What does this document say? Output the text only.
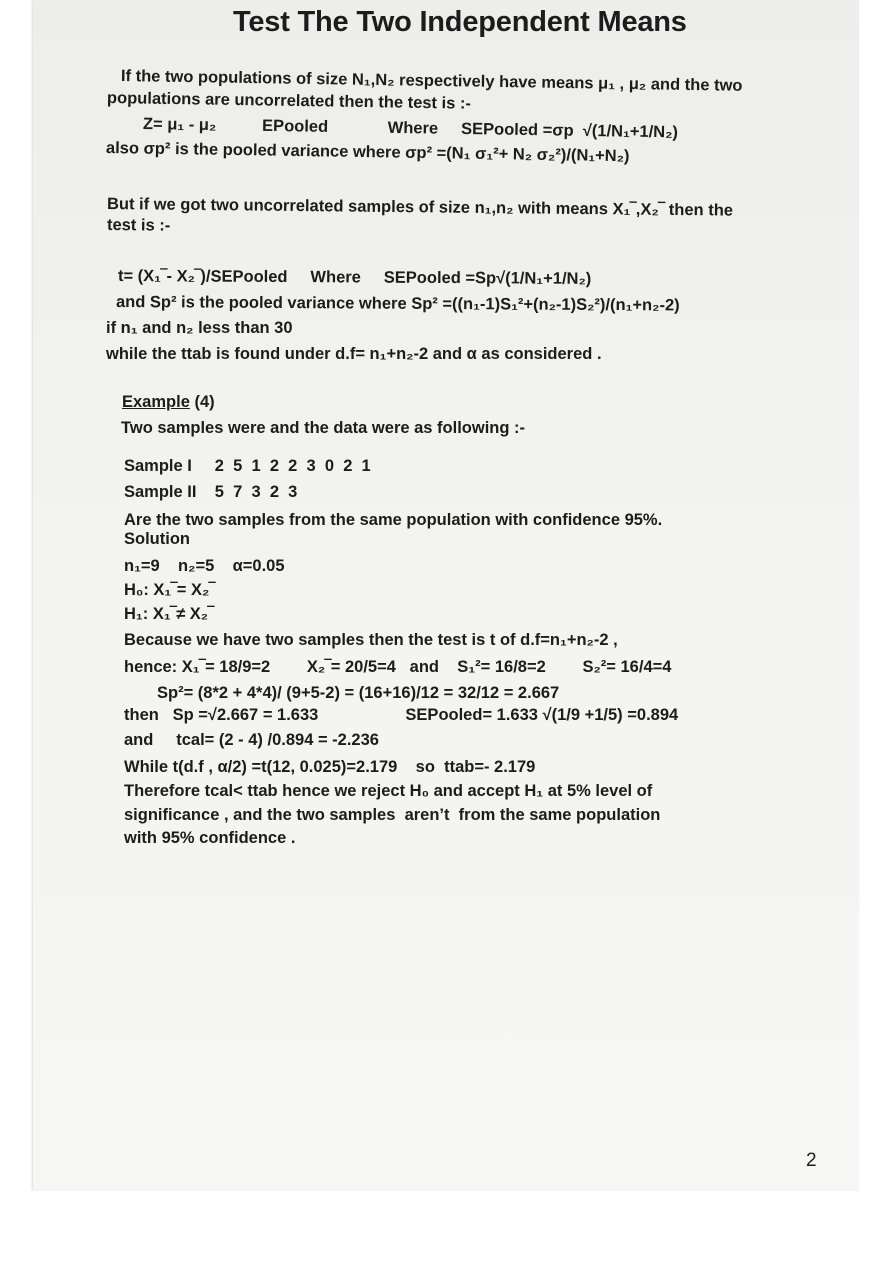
Test The Two Independent Means
If the two populations of size N₁,N₂ respectively have means μ₁ , μ₂ and the two
populations are uncorrelated then the test is :-
Z= μ₁ - μ₂          EPooled             Where     SEPooled =σp  √(1/N₁+1/N₂)
also σp² is the pooled variance where σp² =(N₁ σ₁²+ N₂ σ₂²)/(N₁+N₂)
But if we got two uncorrelated samples of size n₁,n₂ with means X₁‾,X₂‾ then the
test is :-
t= (X₁‾- X₂‾)/SEPooled     Where     SEPooled =Sp√(1/N₁+1/N₂)
and Sp² is the pooled variance where Sp² =((n₁-1)S₁²+(n₂-1)S₂²)/(n₁+n₂-2)
if n₁ and n₂ less than 30
while the ttab is found under d.f= n₁+n₂-2 and α as considered .
Example (4)
Two samples were and the data were as following :-
Sample I     2  5  1  2  2  3  0  2  1
Sample II    5  7  3  2  3
Are the two samples from the same population with confidence 95%.
Solution
n₁=9    n₂=5    α=0.05
H₀: X₁‾= X₂‾
H₁: X₁‾≠ X₂‾
Because we have two samples then the test is t of d.f=n₁+n₂-2 ,
hence: X₁‾= 18/9=2        X₂‾= 20/5=4   and    S₁²= 16/8=2        S₂²= 16/4=4
Sp²= (8*2 + 4*4)/ (9+5-2) = (16+16)/12 = 32/12 = 2.667
then   Sp =√2.667 = 1.633                   SEPooled= 1.633 √(1/9 +1/5) =0.894
and     tcal= (2 - 4) /0.894 = -2.236
While t(d.f , α/2) =t(12, 0.025)=2.179    so  ttab=- 2.179
Therefore tcal< ttab hence we reject H₀ and accept H₁ at 5% level of
significance , and the two samples  aren’t  from the same population
with 95% confidence .
2
